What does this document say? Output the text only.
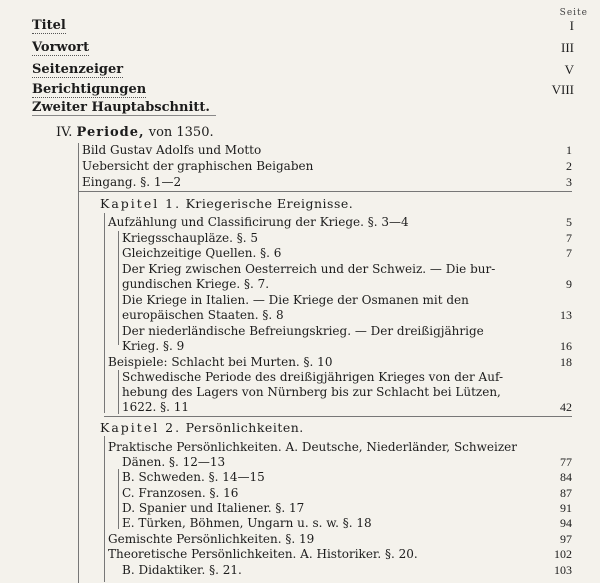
Seite
Titel	I
Vorwort	III
Seitenzeiger	V
Berichtigungen	VIII
Zweiter Hauptabschnitt.
IV. Periode, von 1350.
Bild Gustav Adolfs und Motto	1
Uebersicht der graphischen Beigaben	2
Eingang. §. 1—2	3
Kapitel 1. Kriegerische Ereignisse.
Aufzählung und Classificirung der Kriege. §. 3—4	5
Kriegsschaupläze. §. 5	7
Gleichzeitige Quellen. §. 6	7
Der Krieg zwischen Oesterreich und der Schweiz. — Die bur-
gundischen Kriege. §. 7.	9
Die Kriege in Italien. — Die Kriege der Osmanen mit den
europäischen Staaten. §. 8	13
Der niederländische Befreiungskrieg. — Der dreißigjährige
Krieg. §. 9	16
Beispiele: Schlacht bei Murten. §. 10	18
Schwedische Periode des dreißigjährigen Krieges von der Auf-
hebung des Lagers von Nürnberg bis zur Schlacht bei Lützen,
1622. §. 11	42
Kapitel 2. Persönlichkeiten.
Praktische Persönlichkeiten. A. Deutsche, Niederländer, Schweizer
Dänen. §. 12—13	77
B. Schweden. §. 14—15	84
C. Franzosen. §. 16	87
D. Spanier und Italiener. §. 17	91
E. Türken, Böhmen, Ungarn u. s. w. §. 18	94
Gemischte Persönlichkeiten. §. 19	97
Theoretische Persönlichkeiten. A. Historiker. §. 20.	102
B. Didaktiker. §. 21.	103
